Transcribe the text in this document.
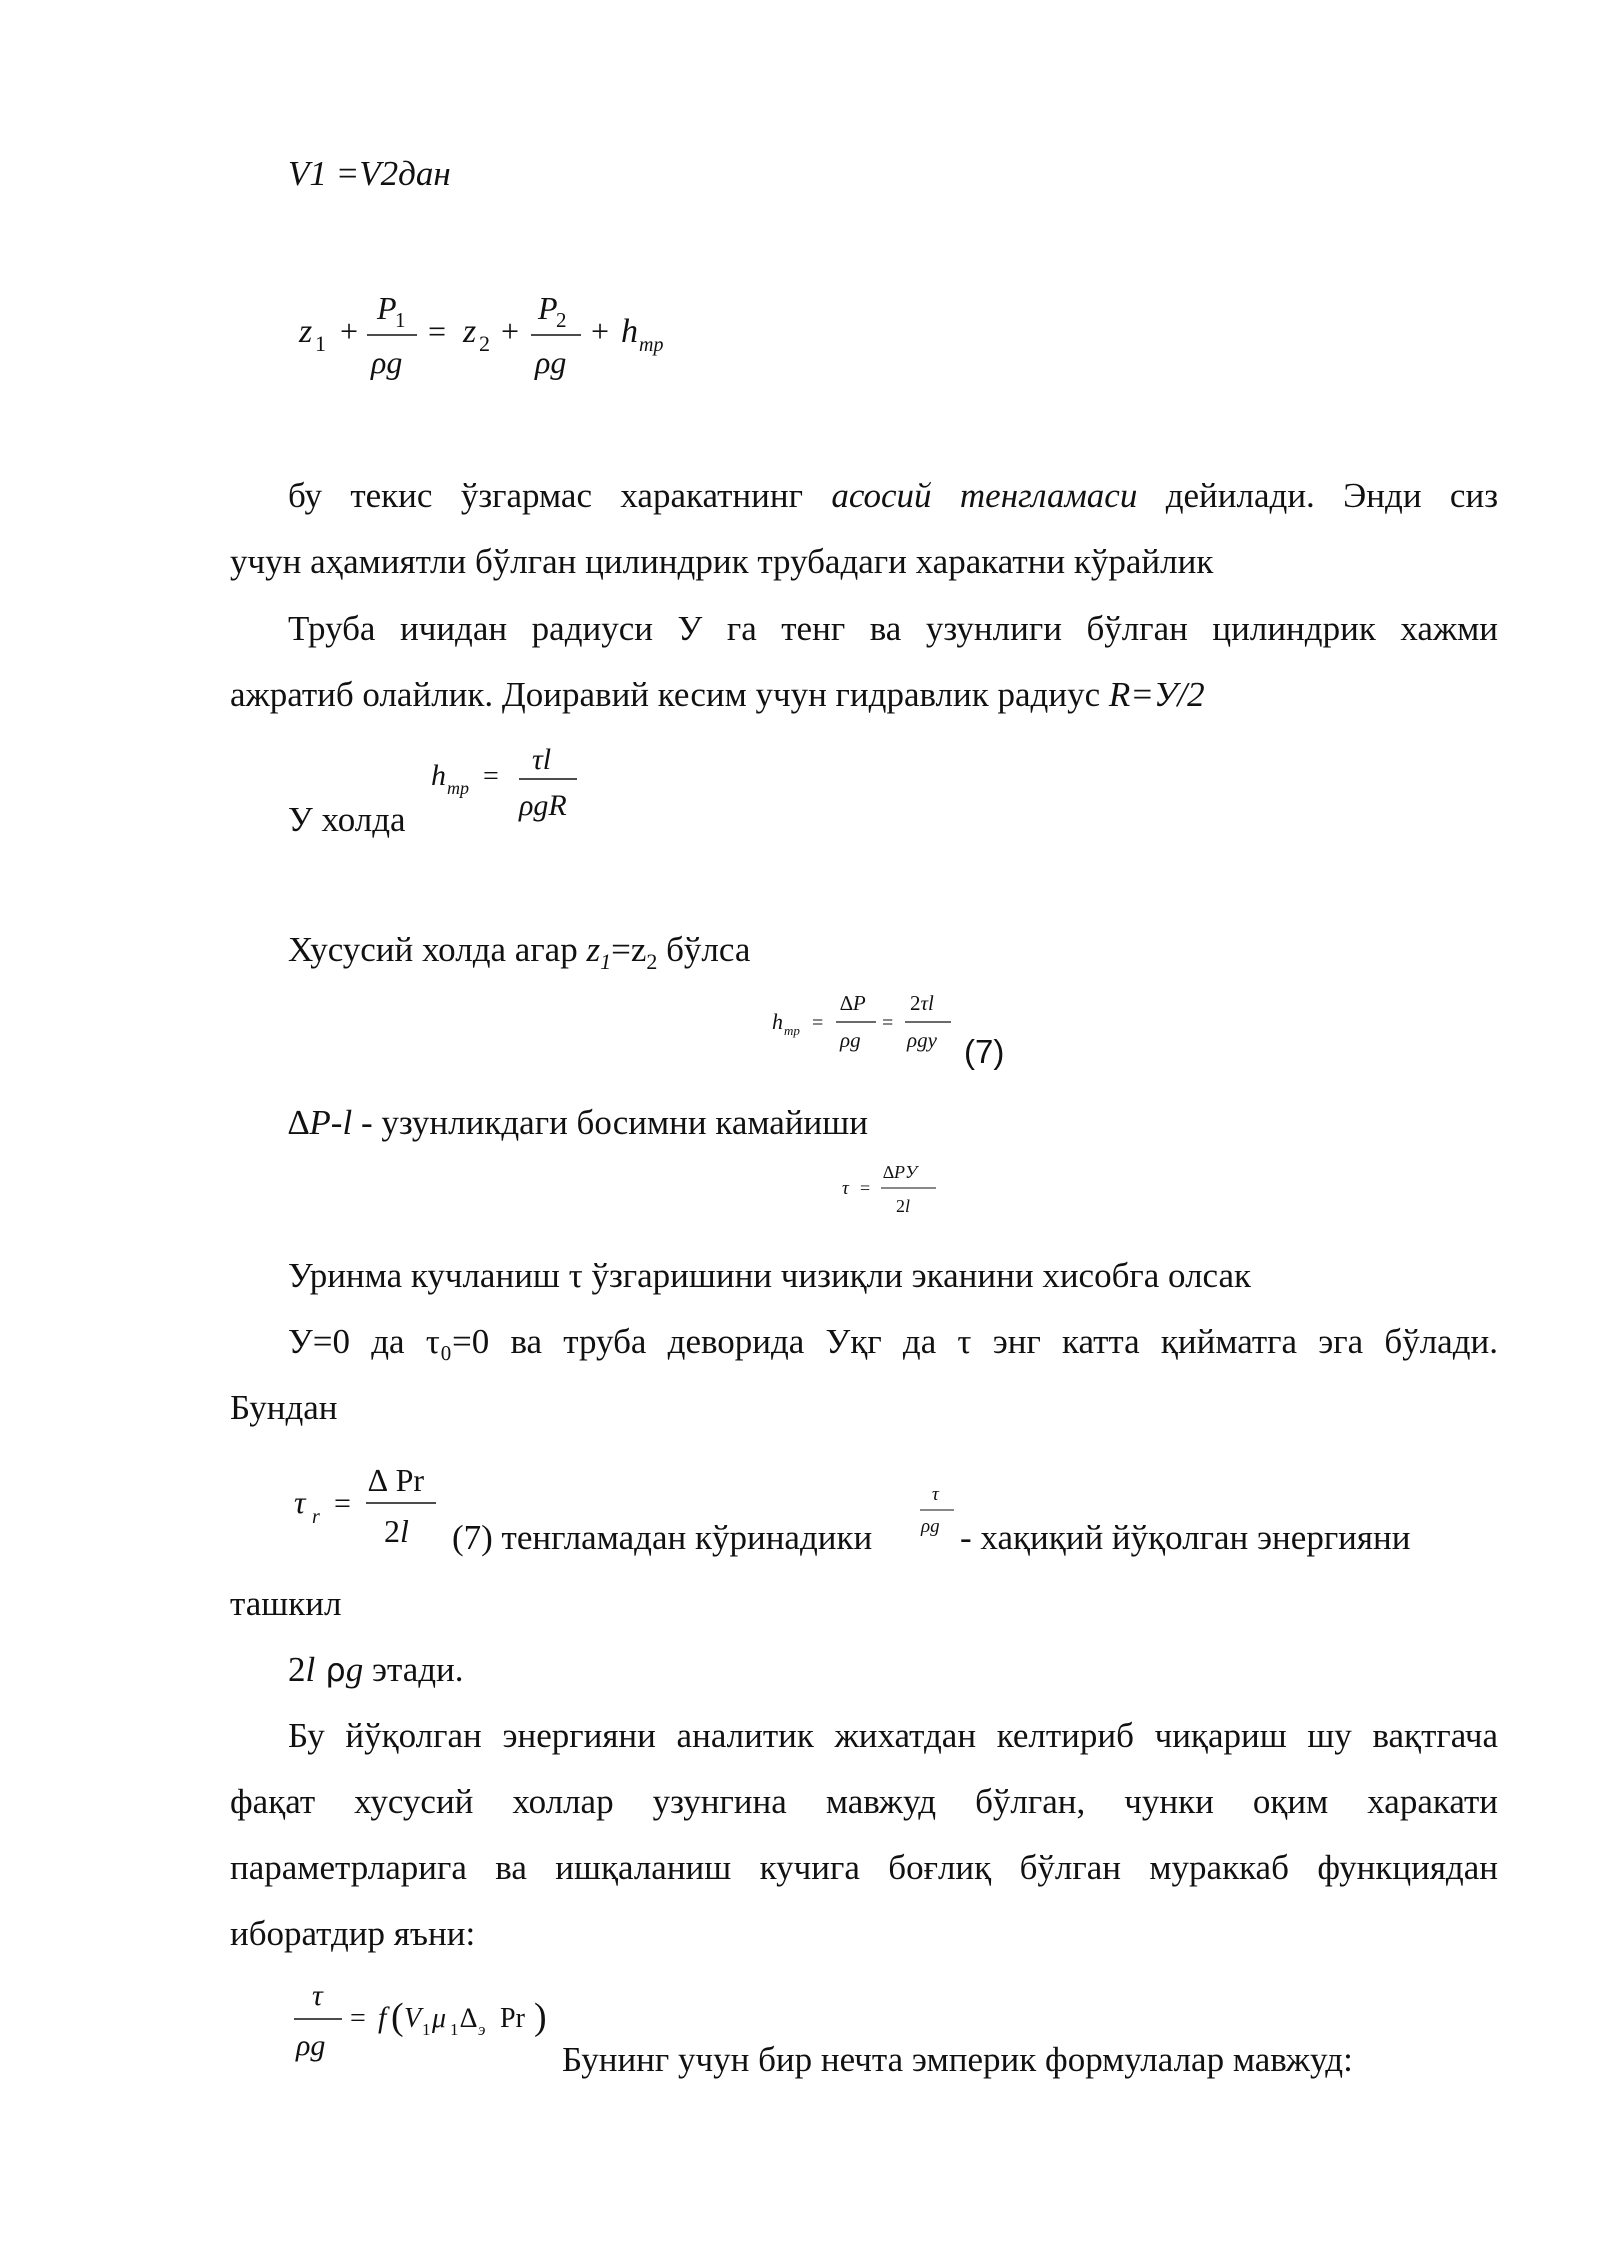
V1 =V2дан
z 1 +
P
1
ρg
= z 2 +
P
2
ρg
+ h тр
бу текис ўзгармас харакатнинг асосий тенгламаси дейилади. Энди сиз
учун аҳамиятли бўлган цилиндрик трубадаги харакатни кўрайлик
Труба ичидан радиуси У га тенг ва узунлиги бўлган цилиндрик хажми
ажратиб олайлик. Доиравий кесим учун гидравлик радиус R=У/2
h тр =
τl
ρgR
У холда
Хусусий холда агар $z_1=z_2$ бўлса
h тр =
∆P
ρg
=
2τl
ρgy (7)
∆P-l - узунликдаги босимни камайиши
τ =
∆PУ
2l
Уринма кучланиш τ ўзгаришини чизиқли эканини хисобга олсак
У=0 да τ₀=0 ва труба деворида Уқг да τ энг катта қийматга эга бўлади.
Бундан
τ r =
∆ Pr
2l (7) тенгламадан кўринадики
τ
ρg - хақиқий йўқолган энергияни
ташкил
2l ρg этади.
Бу йўқолган энергияни аналитик жихатдан келтириб чиқариш шу вақтгача
фақат хусусий холлар узунгина мавжуд бўлган, чунки оқим харакати
параметрларига ва ишқаланиш кучига боғлиқ бўлган мураккаб функциядан
иборатдир яъни:
τ
ρg
= f ( V 1 μ 1 ∆ э Pr )
Бунинг учун бир нечта эмперик формулалар мавжуд:
